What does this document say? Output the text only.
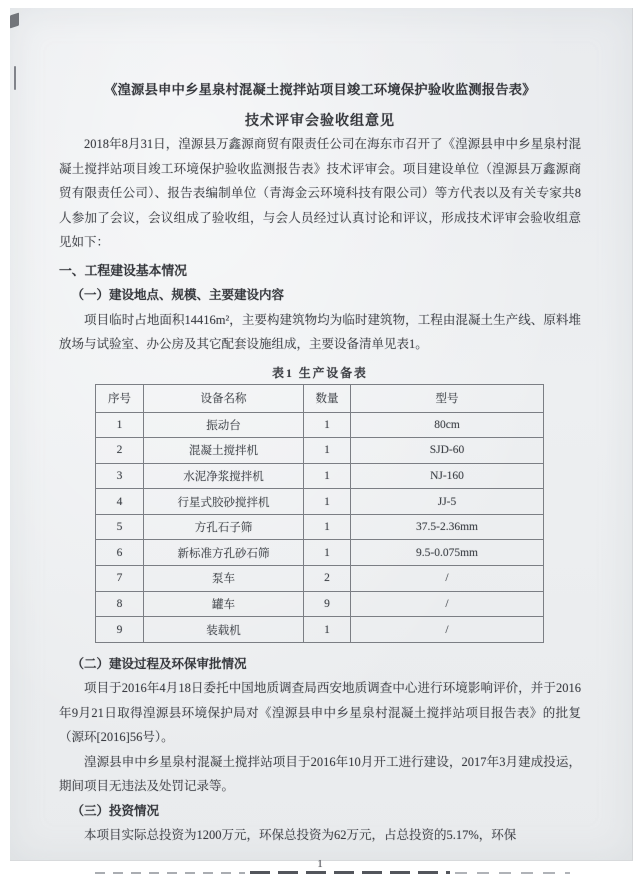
《湟源县申中乡星泉村混凝土搅拌站项目竣工环境保护验收监测报告表》

技术评审会验收组意见

2018年8月31日，湟源县万鑫源商贸有限责任公司在海东市召开了《湟源县申中乡星泉村混凝土搅拌站项目竣工环境保护验收监测报告表》技术评审会。项目建设单位（湟源县万鑫源商贸有限责任公司）、报告表编制单位（青海金云环境科技有限公司）等方代表以及有关专家共8人参加了会议，会议组成了验收组，与会人员经过认真讨论和评议，形成技术评审会验收组意见如下：

一、工程建设基本情况

（一）建设地点、规模、主要建设内容

项目临时占地面积14416m²，主要构建筑物均为临时建筑物，工程由混凝土生产线、原料堆放场与试验室、办公房及其它配套设施组成，主要设备清单见表1。

表1 生产设备表
序号	设备名称	数量	型号
1	振动台	1	80cm
2	混凝土搅拌机	1	SJD-60
3	水泥净浆搅拌机	1	NJ-160
4	行星式胶砂搅拌机	1	JJ-5
5	方孔石子筛	1	37.5-2.36mm
6	新标准方孔砂石筛	1	9.5-0.075mm
7	泵车	2	/
8	罐车	9	/
9	装载机	1	/

（二）建设过程及环保审批情况

项目于2016年4月18日委托中国地质调查局西安地质调查中心进行环境影响评价，并于2016年9月21日取得湟源县环境保护局对《湟源县申中乡星泉村混凝土搅拌站项目报告表》的批复（源环[2016]56号）。

湟源县申中乡星泉村混凝土搅拌站项目于2016年10月开工进行建设，2017年3月建成投运，期间项目无违法及处罚记录等。

（三）投资情况

本项目实际总投资为1200万元，环保总投资为62万元，占总投资的5.17%，环保

1
